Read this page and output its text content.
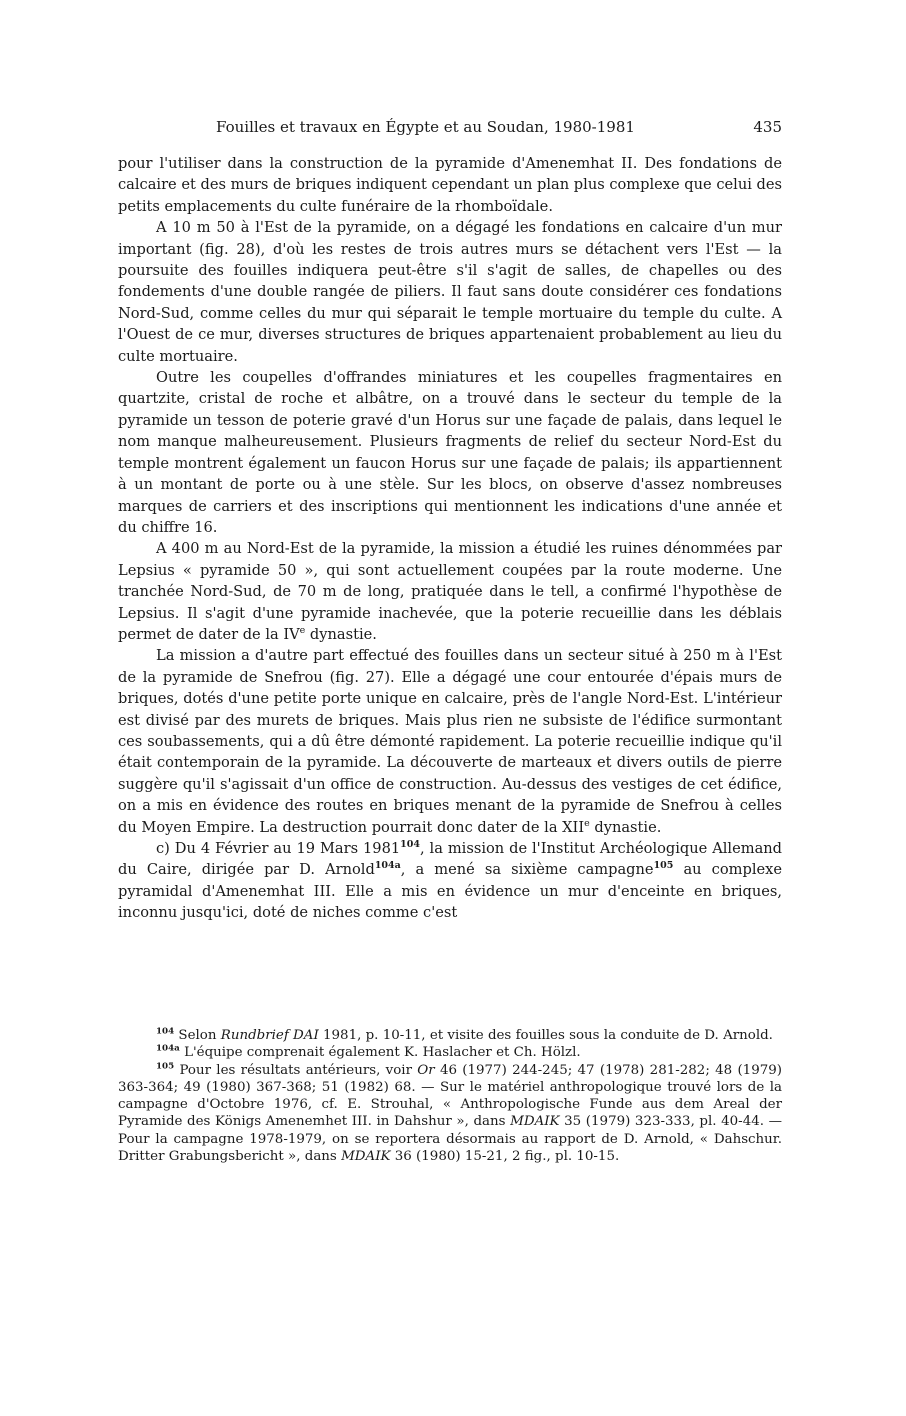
Fouilles et travaux en Égypte et au Soudan, 1980-1981	435

pour l'utiliser dans la construction de la pyramide d'Amenemhat II. Des fondations de calcaire et des murs de briques indiquent cependant un plan plus complexe que celui des petits emplacements du culte funéraire de la rhomboïdale.

A 10 m 50 à l'Est de la pyramide, on a dégagé les fondations en calcaire d'un mur important (fig. 28), d'où les restes de trois autres murs se détachent vers l'Est — la poursuite des fouilles indiquera peut-être s'il s'agit de salles, de chapelles ou des fondements d'une double rangée de piliers. Il faut sans doute considérer ces fondations Nord-Sud, comme celles du mur qui séparait le temple mortuaire du temple du culte. A l'Ouest de ce mur, diverses structures de briques appartenaient probablement au lieu du culte mortuaire.

Outre les coupelles d'offrandes miniatures et les coupelles fragmentaires en quartzite, cristal de roche et albâtre, on a trouvé dans le secteur du temple de la pyramide un tesson de poterie gravé d'un Horus sur une façade de palais, dans lequel le nom manque malheureusement. Plusieurs fragments de relief du secteur Nord-Est du temple montrent également un faucon Horus sur une façade de palais; ils appartiennent à un montant de porte ou à une stèle. Sur les blocs, on observe d'assez nombreuses marques de carriers et des inscriptions qui mentionnent les indications d'une année et du chiffre 16.

A 400 m au Nord-Est de la pyramide, la mission a étudié les ruines dénommées par Lepsius « pyramide 50 », qui sont actuellement coupées par la route moderne. Une tranchée Nord-Sud, de 70 m de long, pratiquée dans le tell, a confirmé l'hypothèse de Lepsius. Il s'agit d'une pyramide inachevée, que la poterie recueillie dans les déblais permet de dater de la IVe dynastie.

La mission a d'autre part effectué des fouilles dans un secteur situé à 250 m à l'Est de la pyramide de Snefrou (fig. 27). Elle a dégagé une cour entourée d'épais murs de briques, dotés d'une petite porte unique en calcaire, près de l'angle Nord-Est. L'intérieur est divisé par des murets de briques. Mais plus rien ne subsiste de l'édifice surmontant ces soubassements, qui a dû être démonté rapidement. La poterie recueillie indique qu'il était contemporain de la pyramide. La découverte de marteaux et divers outils de pierre suggère qu'il s'agissait d'un office de construction. Au-dessus des vestiges de cet édifice, on a mis en évidence des routes en briques menant de la pyramide de Snefrou à celles du Moyen Empire. La destruction pourrait donc dater de la XIIe dynastie.

c) Du 4 Février au 19 Mars 1981$^{104}$, la mission de l'Institut Archéologique Allemand du Caire, dirigée par D. Arnold$^{104a}$, a mené sa sixième campagne$^{105}$ au complexe pyramidal d'Amenemhat III. Elle a mis en évidence un mur d'enceinte en briques, inconnu jusqu'ici, doté de niches comme c'est

$^{104}$ Selon Rundbrief DAI 1981, p. 10-11, et visite des fouilles sous la conduite de D. Arnold.

$^{104a}$ L'équipe comprenait également K. Haslacher et Ch. Hölzl.

$^{105}$ Pour les résultats antérieurs, voir Or 46 (1977) 244-245; 47 (1978) 281-282; 48 (1979) 363-364; 49 (1980) 367-368; 51 (1982) 68. — Sur le matériel anthropologique trouvé lors de la campagne d'Octobre 1976, cf. E. Strouhal, « Anthropologische Funde aus dem Areal der Pyramide des Königs Amenemhet III. in Dahshur », dans MDAIK 35 (1979) 323-333, pl. 40-44. — Pour la campagne 1978-1979, on se reportera désormais au rapport de D. Arnold, « Dahschur. Dritter Grabungsbericht », dans MDAIK 36 (1980) 15-21, 2 fig., pl. 10-15.
